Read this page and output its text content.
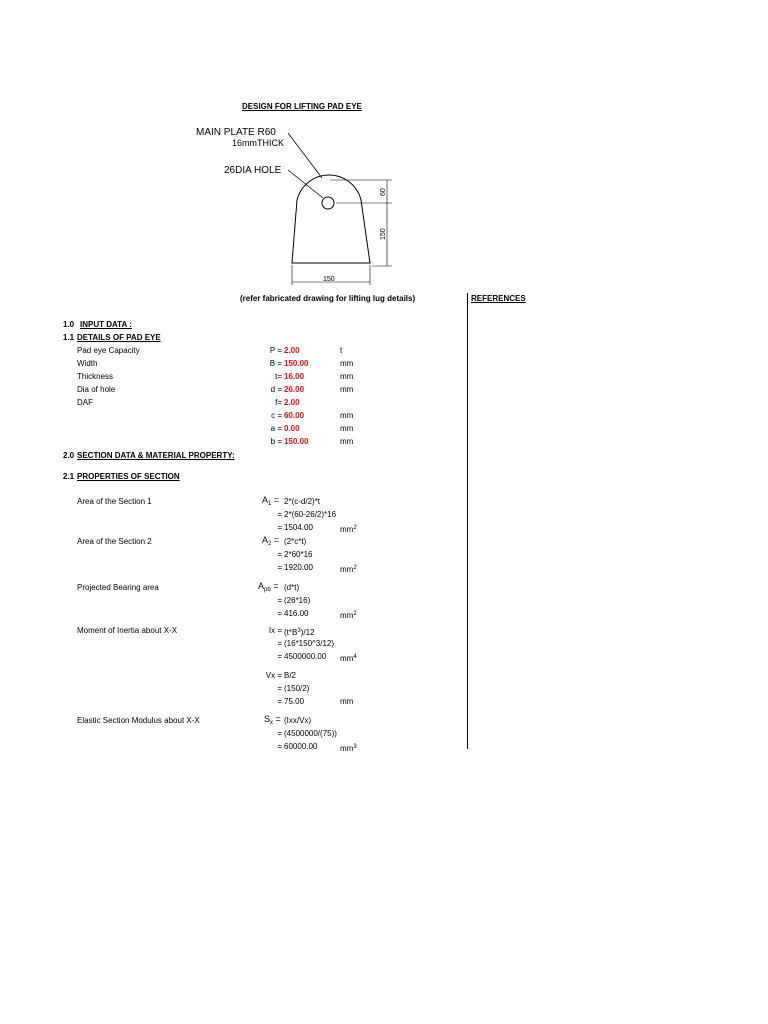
DESIGN FOR LIFTING PAD EYE
MAIN PLATE R60
16mmTHICK
26DIA HOLE
60
150
150
(refer fabricated drawing for lifting lug details)	REFERENCES
1.0 INPUT DATA :
1.1 DETAILS OF PAD EYE
Pad eye Capacity	P = 2.00	t
Width	B = 150.00	mm
Thickness	t= 16.00	mm
Dia of hole	d = 26.00	mm
DAF	f= 2.00
c = 60.00	mm
a = 0.00	mm
b = 150.00	mm
2.0 SECTION DATA & MATERIAL PROPERTY:
2.1 PROPERTIES OF SECTION
Area of the Section 1	$A_1 = 2*(c-d/2)*t$
= 2*(60-26/2)*16
= 1504.00	$mm^2$
Area of the Section 2	$A_2 = (2*c*t)$
= 2*60*16
= 1920.00	$mm^2$
Projected Bearing area	$A_{pb} = (d*t)$
= (26*16)
= 416.00	$mm^2$
Moment of Inertia about X-X	$Ix = (t*B^3)/12$
= (16*150^3/12)
= 4500000.00 $mm^4$
Vx = B/2
= (150/2)
= 75.00	mm
Elastic Section Modulus about X-X	$S_x = (Ixx/Vx)$
= (4500000/(75))
= 60000.00	$mm^3$
